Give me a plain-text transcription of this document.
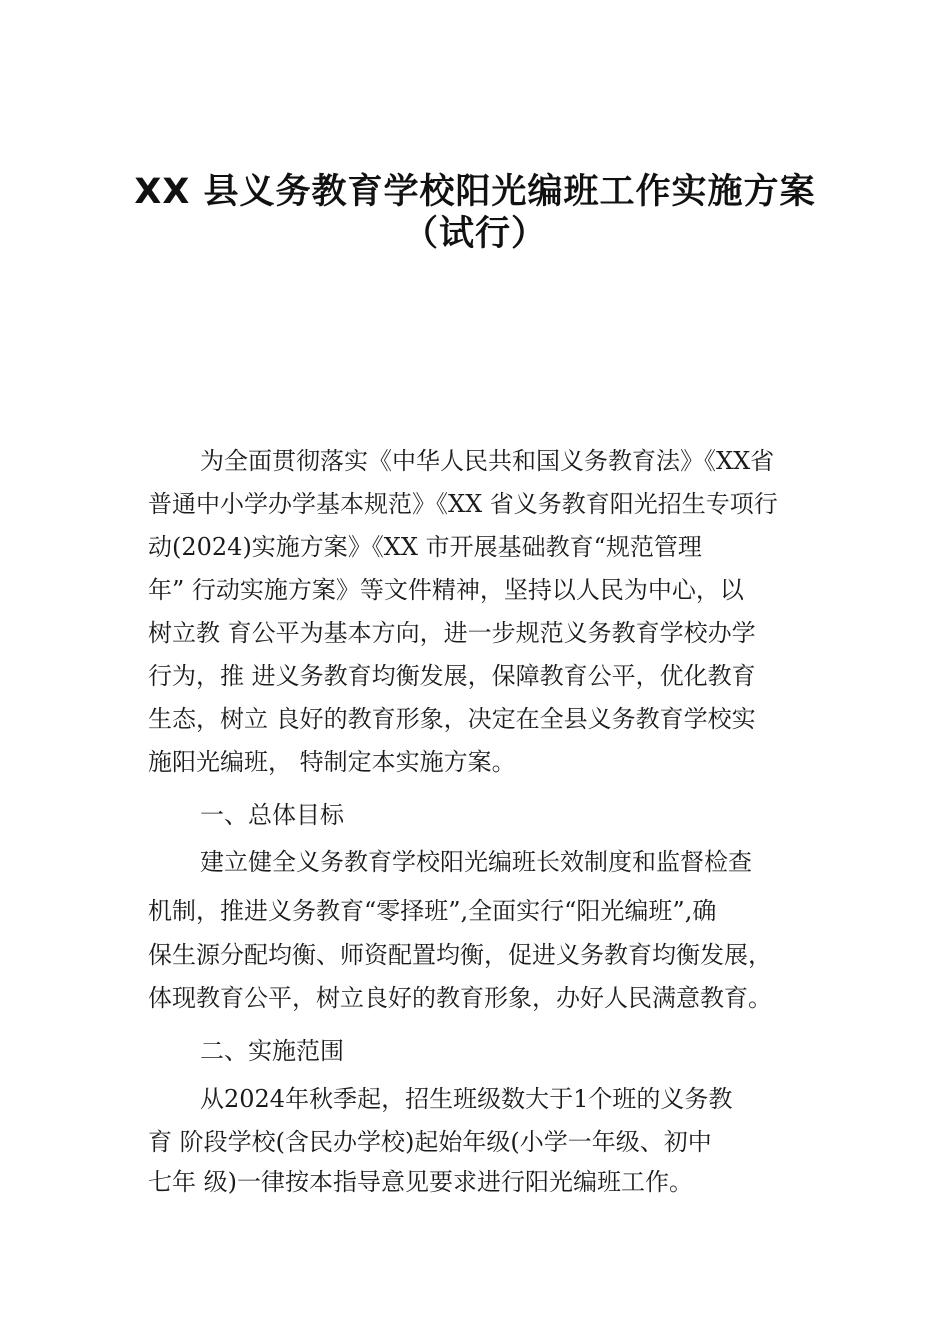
XX 县义务教育学校阳光编班工作实施方案
（试行）
为全面贯彻落实《中华人民共和国义务教育法》《XX省
普通中小学办学基本规范》《XX 省义务教育阳光招生专项行
动(2024)实施方案》《XX 市开展基础教育“规范管理
年” 行动实施方案》等文件精神，坚持以人民为中心，以
树立教 育公平为基本方向，进一步规范义务教育学校办学
行为，推 进义务教育均衡发展，保障教育公平，优化教育
生态，树立 良好的教育形象，决定在全县义务教育学校实
施阳光编班， 特制定本实施方案。
一、总体目标
建立健全义务教育学校阳光编班长效制度和监督检查
机制，推进义务教育“零择班”,全面实行“阳光编班”,确
保生源分配均衡、师资配置均衡，促进义务教育均衡发展，
体现教育公平，树立良好的教育形象，办好人民满意教育。
二、实施范围
从2024年秋季起，招生班级数大于1个班的义务教
育 阶段学校(含民办学校)起始年级(小学一年级、初中
七年 级)一律按本指导意见要求进行阳光编班工作。
